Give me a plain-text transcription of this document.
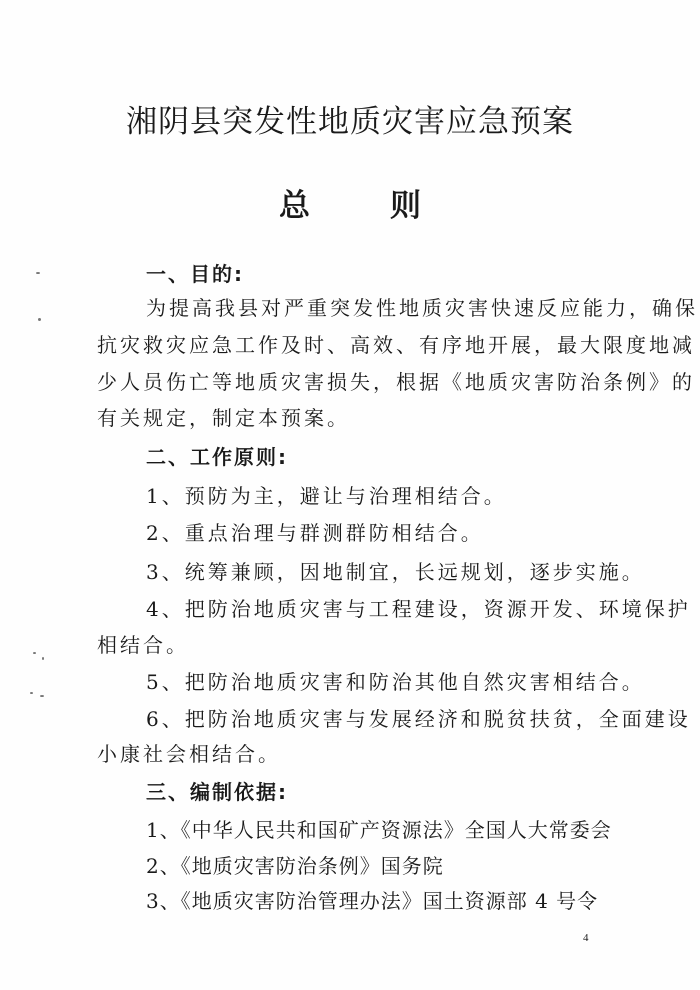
湘阴县突发性地质灾害应急预案
总	则
一、目的:
为提高我县对严重突发性地质灾害快速反应能力，确保
抗灾救灾应急工作及时、高效、有序地开展，最大限度地减
少人员伤亡等地质灾害损失，根据《地质灾害防治条例》的
有关规定，制定本预案。
二、工作原则:
1、预防为主，避让与治理相结合。
2、重点治理与群测群防相结合。
3、统筹兼顾，因地制宜，长远规划，逐步实施。
4、把防治地质灾害与工程建设，资源开发、环境保护
相结合。
5、把防治地质灾害和防治其他自然灾害相结合。
6、把防治地质灾害与发展经济和脱贫扶贫，全面建设
小康社会相结合。
三、编制依据:
1、《中华人民共和国矿产资源法》全国人大常委会
2、《地质灾害防治条例》国务院
3、《地质灾害防治管理办法》国土资源部 4 号令
4
